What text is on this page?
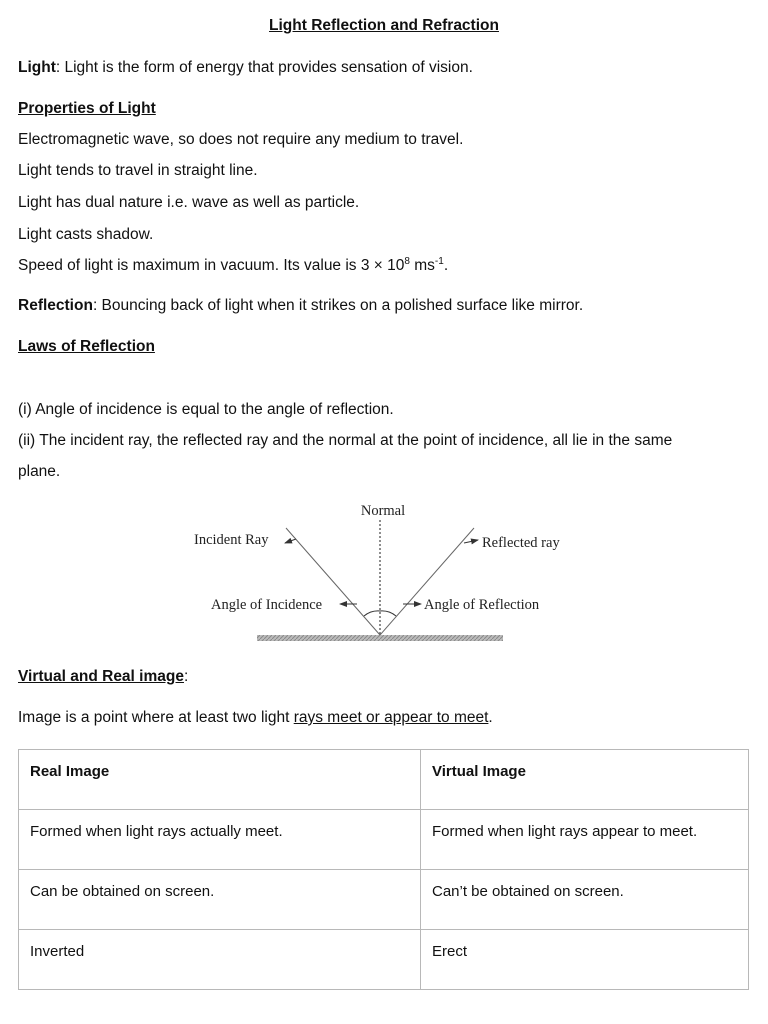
Light Reflection and Refraction
Light: Light is the form of energy that provides sensation of vision.
Properties of Light
Electromagnetic wave, so does not require any medium to travel.
Light tends to travel in straight line.
Light has dual nature i.e. wave as well as particle.
Light casts shadow.
Speed of light is maximum in vacuum. Its value is $3 \times 10^8$ $ms^{-1}$.
Reflection: Bouncing back of light when it strikes on a polished surface like mirror.
Laws of Reflection
(i) Angle of incidence is equal to the angle of reflection.
(ii) The incident ray, the reflected ray and the normal at the point of incidence, all lie in the same
plane.
Normal
Incident Ray	Reflected ray
Angle of Incidence	Angle of Reflection
Virtual and Real image:
Image is a point where at least two light rays meet or appear to meet.
Real Image	Virtual Image
Formed when light rays actually meet.	Formed when light rays appear to meet.
Can be obtained on screen.	Can’t be obtained on screen.
Inverted	Erect
